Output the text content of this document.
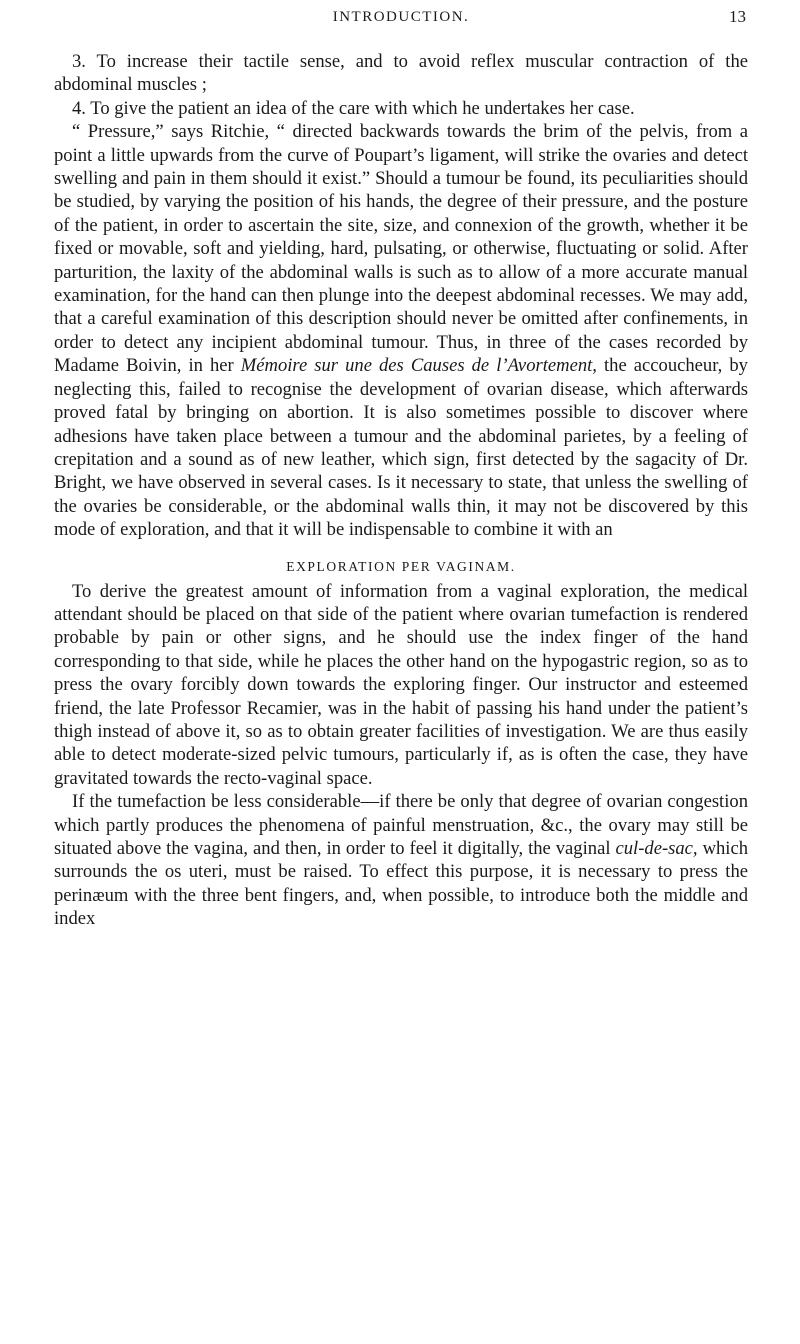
INTRODUCTION.	13

3. To increase their tactile sense, and to avoid reflex muscular contraction of the abdominal muscles ;

4. To give the patient an idea of the care with which he undertakes her case.

“ Pressure,” says Ritchie, “ directed backwards towards the brim of the pelvis, from a point a little upwards from the curve of Poupart’s ligament, will strike the ovaries and detect swelling and pain in them should it exist.” Should a tumour be found, its peculiarities should be studied, by varying the position of his hands, the degree of their pressure, and the posture of the patient, in order to ascertain the site, size, and connexion of the growth, whether it be fixed or movable, soft and yielding, hard, pulsating, or otherwise, fluctuating or solid. After parturition, the laxity of the abdominal walls is such as to allow of a more accurate manual examination, for the hand can then plunge into the deepest abdominal recesses. We may add, that a careful examination of this description should never be omitted after confinements, in order to detect any incipient abdominal tumour. Thus, in three of the cases recorded by Madame Boivin, in her Mémoire sur une des Causes de l’Avortement, the accoucheur, by neglecting this, failed to recognise the development of ovarian disease, which afterwards proved fatal by bringing on abortion. It is also sometimes possible to discover where adhesions have taken place between a tumour and the abdominal parietes, by a feeling of crepitation and a sound as of new leather, which sign, first detected by the sagacity of Dr. Bright, we have observed in several cases. Is it necessary to state, that unless the swelling of the ovaries be considerable, or the abdominal walls thin, it may not be discovered by this mode of exploration, and that it will be indispensable to combine it with an

EXPLORATION PER VAGINAM.

To derive the greatest amount of information from a vaginal exploration, the medical attendant should be placed on that side of the patient where ovarian tumefaction is rendered probable by pain or other signs, and he should use the index finger of the hand corresponding to that side, while he places the other hand on the hypogastric region, so as to press the ovary forcibly down towards the exploring finger. Our instructor and esteemed friend, the late Professor Recamier, was in the habit of passing his hand under the patient’s thigh instead of above it, so as to obtain greater facilities of investigation. We are thus easily able to detect moderate-sized pelvic tumours, particularly if, as is often the case, they have gravitated towards the recto-vaginal space.

If the tumefaction be less considerable—if there be only that degree of ovarian congestion which partly produces the phenomena of painful menstruation, &c., the ovary may still be situated above the vagina, and then, in order to feel it digitally, the vaginal cul-de-sac, which surrounds the os uteri, must be raised. To effect this purpose, it is necessary to press the perinæum with the three bent fingers, and, when possible, to introduce both the middle and index
